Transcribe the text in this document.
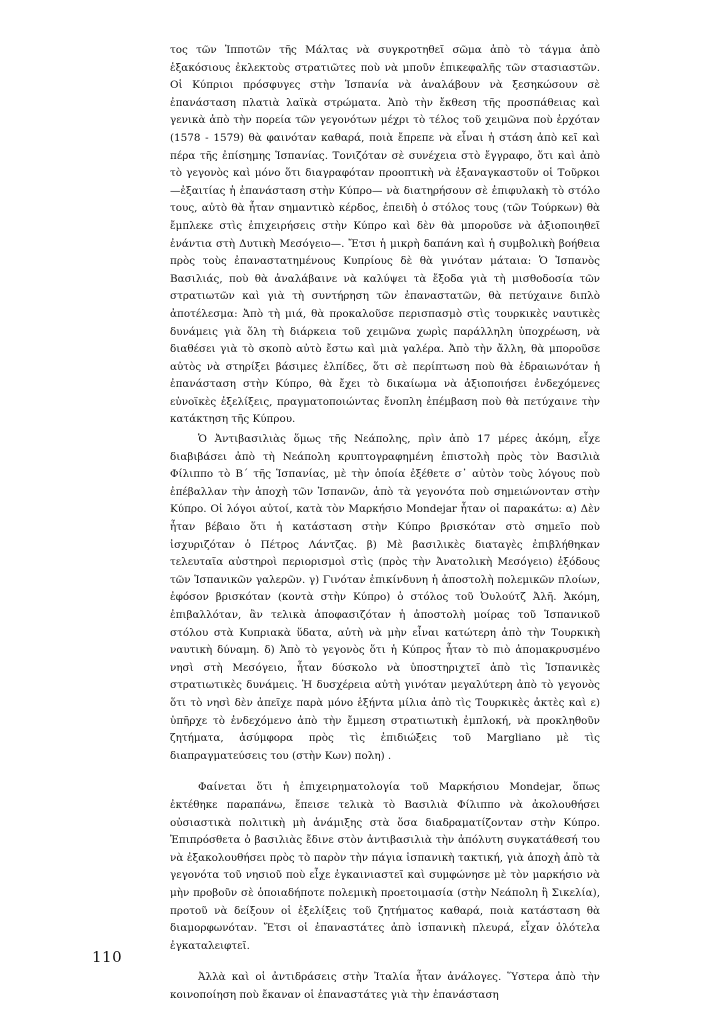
τος τῶν Ἱπποτῶν τῆς Μάλτας νὰ συγκροτηθεῖ σῶμα ἀπὸ τὸ τάγμα ἀπὸ ἑξακόσιους ἐκλεκτοὺς στρατιῶτες ποὺ νὰ μποῦν ἐπικεφαλῆς τῶν στασιαστῶν. Οἱ Κύπριοι πρόσφυγες στὴν Ἱσπανία νὰ ἀναλάβουν νὰ ξεσηκώσουν σὲ ἐπανάσταση πλατιὰ λαϊκὰ στρώματα. Ἀπὸ τὴν ἔκθεση τῆς προσπάθειας καὶ γενικὰ ἀπὸ τὴν πορεία τῶν γεγονότων μέχρι τὸ τέλος τοῦ χειμῶνα ποὺ ἐρχόταν (1578 - 1579) θὰ φαινόταν καθαρά, ποιὰ ἔπρεπε νὰ εἶναι ἡ στάση ἀπὸ κεῖ καὶ πέρα τῆς ἐπίσημης Ἱσπανίας. Τονιζόταν σὲ συνέχεια στὸ ἔγγραφο, ὅτι καὶ ἀπὸ τὸ γεγονὸς καὶ μόνο ὅτι διαγραφόταν προοπτικὴ νὰ ἐξαναγκαστοῦν οἱ Τοῦρκοι —ἐξαιτίας ἡ ἐπανάσταση στὴν Κύπρο— νὰ διατηρήσουν σὲ ἐπιφυλακὴ τὸ στόλο τους, αὐτὸ θὰ ἦταν σημαντικὸ κέρδος, ἐπειδὴ ὁ στόλος τους (τῶν Τούρκων) θὰ ἔμπλεκε στὶς ἐπιχειρήσεις στὴν Κύπρο καὶ δὲν θὰ μποροῦσε νὰ ἀξιοποιηθεῖ ἐνάντια στὴ Δυτικὴ Μεσόγειο—. Ἔτσι ἡ μικρὴ δαπάνη καὶ ἡ συμβολικὴ βοήθεια πρὸς τοὺς ἐπαναστατημένους Κυπρίους δὲ θὰ γινόταν μάταια: Ὁ Ἱσπανὸς Βασιλιάς, ποὺ θὰ ἀναλάβαινε νὰ καλύψει τὰ ἔξοδα γιὰ τὴ μισθοδοσία τῶν στρατιωτῶν καὶ γιὰ τὴ συντήρηση τῶν ἐπαναστατῶν, θὰ πετύχαινε διπλὸ ἀποτέλεσμα: Ἀπὸ τὴ μιά, θὰ προκαλοῦσε περισπασμὸ στὶς τουρκικὲς ναυτικὲς δυνάμεις γιὰ ὅλη τὴ διάρκεια τοῦ χειμῶνα χωρὶς παράλληλη ὑποχρέωση, νὰ διαθέσει γιὰ τὸ σκοπὸ αὐτὸ ἔστω καὶ μιὰ γαλέρα. Ἀπὸ τὴν ἄλλη, θὰ μποροῦσε αὐτὸς νὰ στηρίξει βάσιμες ἐλπίδες, ὅτι σὲ περίπτωση ποὺ θὰ ἑδραιωνόταν ἡ ἐπανάσταση στὴν Κύπρο, θὰ ἔχει τὸ δικαίωμα νὰ ἀξιοποιήσει ἐνδεχόμενες εὐνοϊκὲς ἐξελίξεις, πραγματοποιώντας ἔνοπλη ἐπέμβαση ποὺ θὰ πετύχαινε τὴν κατάκτηση τῆς Κύπρου.

Ὁ Ἀντιβασιλιὰς ὅμως τῆς Νεάπολης, πρὶν ἀπὸ 17 μέρες ἀκόμη, εἶχε διαβιβάσει ἀπὸ τὴ Νεάπολη κρυπτογραφημένη ἐπιστολὴ πρὸς τὸν Βασιλιὰ Φίλιππο τὸ Β΄ τῆς Ἱσπανίας, μὲ τὴν ὁποία ἐξέθετε σ᾽ αὐτὸν τοὺς λόγους ποὺ ἐπέβαλλαν τὴν ἀποχὴ τῶν Ἱσπανῶν, ἀπὸ τὰ γεγονότα ποὺ σημειώνονταν στὴν Κύπρο. Οἱ λόγοι αὐτοί, κατὰ τὸν Μαρκήσιο Mondejar ἦταν οἱ παρακάτω: α) Δὲν ἦταν βέβαιο ὅτι ἡ κατάσταση στὴν Κύπρο βρισκόταν στὸ σημεῖο ποὺ ἰσχυριζόταν ὁ Πέτρος Λάντζας. β) Μὲ βασιλικὲς διαταγὲς ἐπιβλήθηκαν τελευταῖα αὐστηροὶ περιορισμοὶ στὶς (πρὸς τὴν Ἀνατολικὴ Μεσόγειο) ἐξόδους τῶν Ἱσπανικῶν γαλερῶν. γ) Γινόταν ἐπικίνδυνη ἡ ἀποστολὴ πολεμικῶν πλοίων, ἐφόσον βρισκόταν (κοντὰ στὴν Κύπρο) ὁ στόλος τοῦ Ὀυλούτζ Ἀλῆ. Ἀκόμη, ἐπιβαλλόταν, ἂν τελικὰ ἀποφασιζόταν ἡ ἀποστολὴ μοίρας τοῦ Ἱσπανικοῦ στόλου στὰ Κυπριακὰ ὕδατα, αὐτὴ νὰ μὴν εἶναι κατώτερη ἀπὸ τὴν Τουρκικὴ ναυτικὴ δύναμη. δ) Ἀπὸ τὸ γεγονὸς ὅτι ἡ Κύπρος ἦταν τὸ πιὸ ἀπομακρυσμένο νησὶ στὴ Μεσόγειο, ἦταν δύσκολο νὰ ὑποστηριχτεῖ ἀπὸ τὶς Ἱσπανικὲς στρατιωτικὲς δυνάμεις. Ἡ δυσχέρεια αὐτὴ γινόταν μεγαλύτερη ἀπὸ τὸ γεγονὸς ὅτι τὸ νησὶ δὲν ἀπεῖχε παρὰ μόνο ἑξήντα μίλια ἀπὸ τὶς Τουρκικὲς ἀκτὲς καὶ ε) ὑπῆρχε τὸ ἐνδεχόμενο ἀπὸ τὴν ἔμμεση στρατιωτικὴ ἐμπλοκή, νὰ προκληθοῦν ζητήματα, ἀσύμφορα πρὸς τὶς ἐπιδιώξεις τοῦ Margliano μὲ τὶς διαπραγματεύσεις του (στὴν Κων) πολη) .

Φαίνεται ὅτι ἡ ἐπιχειρηματολογία τοῦ Μαρκήσιου Mondejar, ὅπως ἐκτέθηκε παραπάνω, ἔπεισε τελικὰ τὸ Βασιλιὰ Φίλιππο νὰ ἀκολουθήσει οὐσιαστικὰ πολιτικὴ μὴ ἀνάμιξης στὰ ὅσα διαδραματίζονταν στὴν Κύπρο. Ἐπιπρόσθετα ὁ βασιλιὰς ἔδινε στὸν ἀντιβασιλιὰ τὴν ἀπόλυτη συγκατάθεσή του νὰ ἐξακολουθήσει πρὸς τὸ παρὸν τὴν πάγια ἱσπανικὴ τακτική, γιὰ ἀποχὴ ἀπὸ τὰ γεγονότα τοῦ νησιοῦ ποὺ εἶχε ἐγκαινιαστεῖ καὶ συμφώνησε μὲ τὸν μαρκήσιο νὰ μὴν προβοῦν σὲ ὁποιαδήποτε πολεμικὴ προετοιμασία (στὴν Νεάπολη ἢ Σικελία), προτοῦ νὰ δείξουν οἱ ἐξελίξεις τοῦ ζητήματος καθαρά, ποιὰ κατάσταση θὰ διαμορφωνόταν. Ἔτσι οἱ ἐπαναστάτες ἀπὸ ἱσπανικὴ πλευρά, εἶχαν ὁλότελα ἐγκαταλειφτεῖ.

Ἀλλὰ καὶ οἱ ἀντιδράσεις στὴν Ἰταλία ἦταν ἀνάλογες. Ὕστερα ἀπὸ τὴν κοινοποίηση ποὺ ἔκαναν οἱ ἐπαναστάτες γιὰ τὴν ἐπανάσταση

110
